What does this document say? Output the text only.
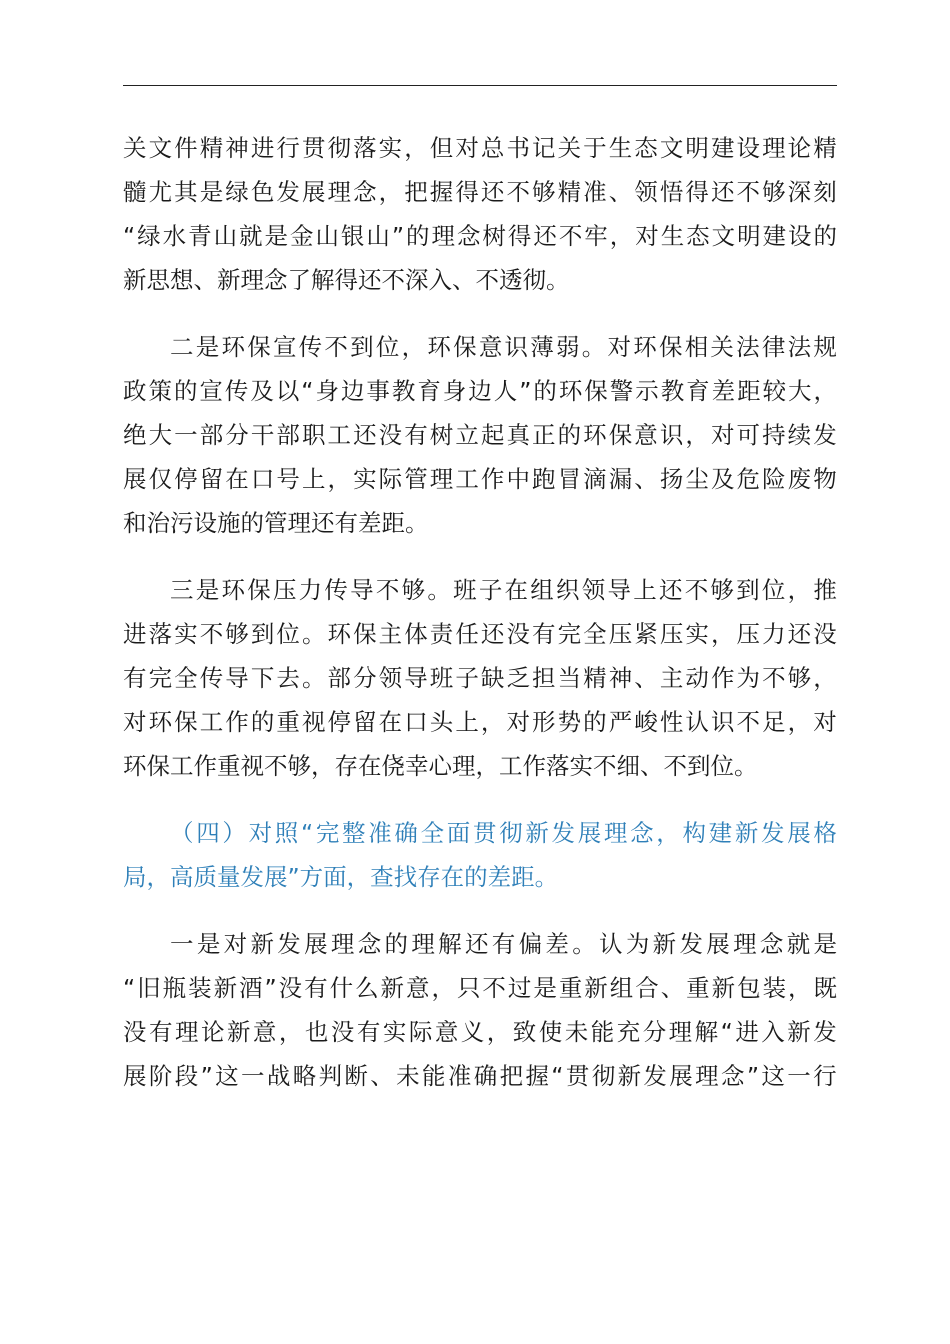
关 文 件 精 神 进 行 贯 彻 落 实 ， 但 对 总 书 记 关 于 生 态 文 明 建 设 理 论 精
髓 尤 其 是 绿 色 发 展 理 念 ， 把 握 得 还 不 够 精 准 、 领 悟 得 还 不 够 深 刻
“ 绿 水 青 山 就 是 金 山 银 山 ” 的 理 念 树 得 还 不 牢 ， 对 生 态 文 明 建 设 的
新思想、新理念了解得还不深入、不透彻。
二 是 环 保 宣 传 不 到 位 ， 环 保 意 识 薄 弱 。 对 环 保 相 关 法 律 法 规
政 策 的 宣 传 及 以 “ 身 边 事 教 育 身 边 人 ” 的 环 保 警 示 教 育 差 距 较 大 ，
绝 大 一 部 分 干 部 职 工 还 没 有 树 立 起 真 正 的 环 保 意 识 ， 对 可 持 续 发
展 仅 停 留 在 口 号 上 ， 实 际 管 理 工 作 中 跑 冒 滴 漏 、 扬 尘 及 危 险 废 物
和治污设施的管理还有差距。
三 是 环 保 压 力 传 导 不 够 。 班 子 在 组 织 领 导 上 还 不 够 到 位 ， 推
进 落 实 不 够 到 位 。 环 保 主 体 责 任 还 没 有 完 全 压 紧 压 实 ， 压 力 还 没
有 完 全 传 导 下 去 。 部 分 领 导 班 子 缺 乏 担 当 精 神 、 主 动 作 为 不 够 ，
对 环 保 工 作 的 重 视 停 留 在 口 头 上 ， 对 形 势 的 严 峻 性 认 识 不 足 ， 对
环保工作重视不够，存在侥幸心理，工作落实不细、不到位。
（ 四 ） 对 照 “ 完 整 准 确 全 面 贯 彻 新 发 展 理 念 ， 构 建 新 发 展 格
局，高质量发展”方面，查找存在的差距。
一 是 对 新 发 展 理 念 的 理 解 还 有 偏 差 。 认 为 新 发 展 理 念 就 是
“ 旧 瓶 装 新 酒 ” 没 有 什 么 新 意 ， 只 不 过 是 重 新 组 合 、 重 新 包 装 ， 既
没 有 理 论 新 意 ， 也 没 有 实 际 意 义 ， 致 使 未 能 充 分 理 解 “ 进 入 新 发
展 阶 段 ” 这 一 战 略 判 断 、 未 能 准 确 把 握 “ 贯 彻 新 发 展 理 念 ” 这 一 行
